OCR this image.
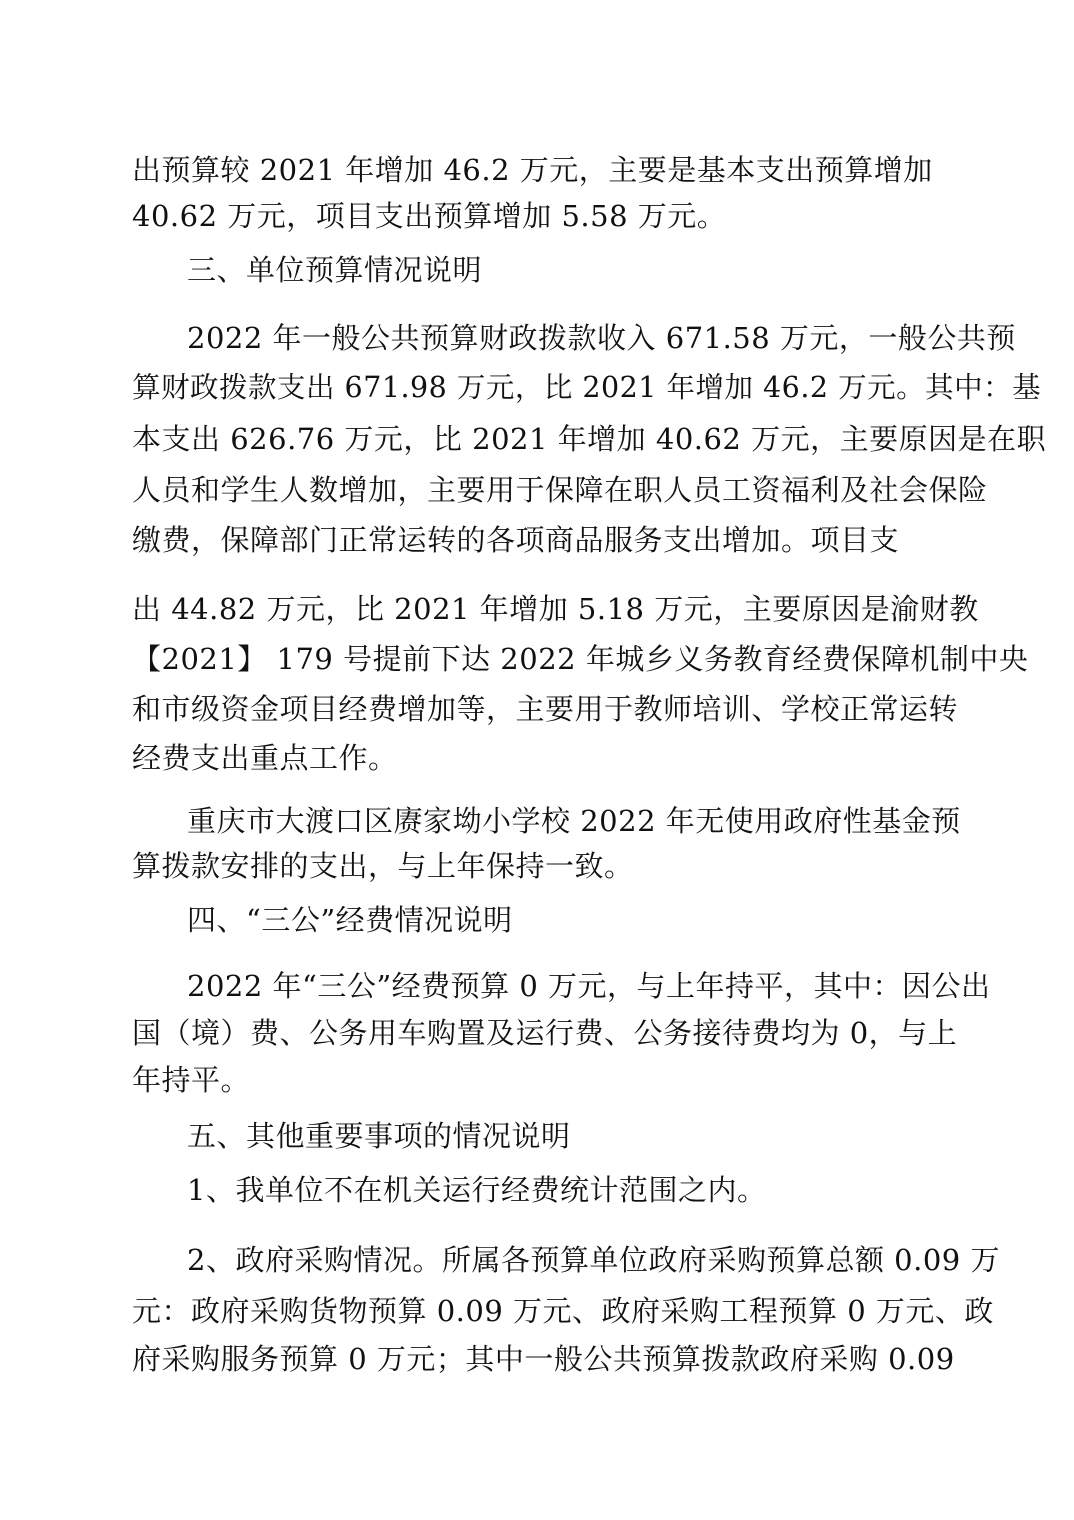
出预算较 2021 年增加 46.2 万元，主要是基本支出预算增加
40.62 万元，项目支出预算增加 5.58 万元。
三、单位预算情况说明
2022 年一般公共预算财政拨款收入 671.58 万元，一般公共预
算财政拨款支出 671.98 万元，比 2021 年增加 46.2 万元。其中：基
本支出 626.76 万元，比 2021 年增加 40.62 万元，主要原因是在职
人员和学生人数增加，主要用于保障在职人员工资福利及社会保险
缴费，保障部门正常运转的各项商品服务支出增加。项目支
出 44.82 万元，比 2021 年增加 5.18 万元，主要原因是渝财教
【2021】 179 号提前下达 2022 年城乡义务教育经费保障机制中央
和市级资金项目经费增加等，主要用于教师培训、学校正常运转
经费支出重点工作。
重庆市大渡口区赓家坳小学校 2022 年无使用政府性基金预
算拨款安排的支出，与上年保持一致。
四、“三公”经费情况说明
2022 年“三公”经费预算 0 万元，与上年持平，其中：因公出
国（境）费、公务用车购置及运行费、公务接待费均为 0，与上
年持平。
五、其他重要事项的情况说明
1、我单位不在机关运行经费统计范围之内。
2、政府采购情况。所属各预算单位政府采购预算总额 0.09 万
元：政府采购货物预算 0.09 万元、政府采购工程预算 0 万元、政
府采购服务预算 0 万元；其中一般公共预算拨款政府采购 0.09
